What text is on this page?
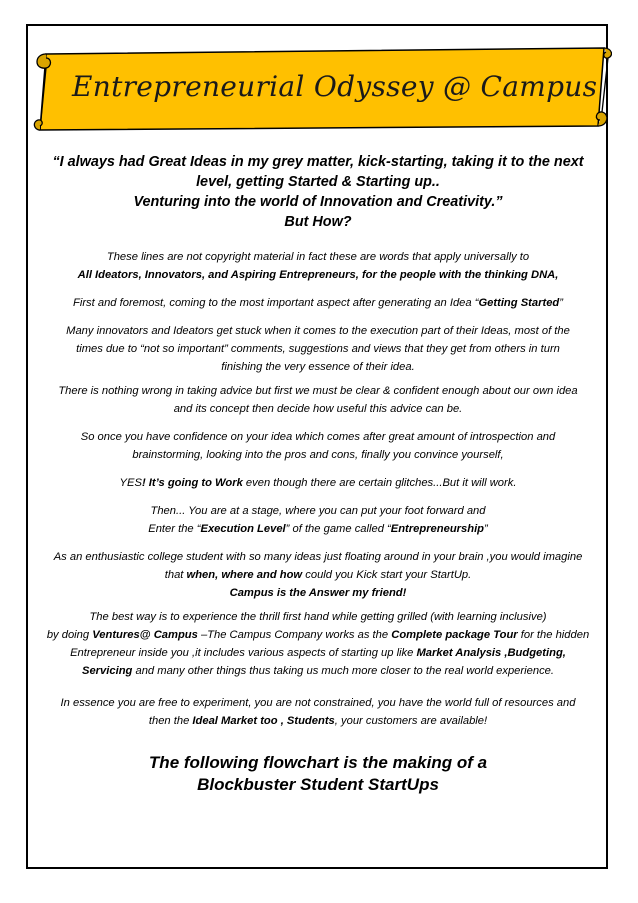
Entrepreneurial Odyssey @ Campus

“I always had Great Ideas in my grey matter, kick-starting, taking it to the next

level, getting Started & Starting up..

Venturing into the world of Innovation and Creativity.”

But How?

These lines are not copyright material in fact these are words that apply universally to

All Ideators, Innovators, and Aspiring Entrepreneurs, for the people with the thinking DNA,

First and foremost, coming to the most important aspect after generating an Idea “Getting Started”

Many innovators and Ideators get stuck when it comes to the execution part of their Ideas, most of the

times due to “not so important” comments, suggestions and views that they get from others in turn

finishing the very essence of their idea.

There is nothing wrong in taking advice but first we must be clear & confident enough about our own idea

and its concept then decide how useful this advice can be.

So once you have confidence on your idea which comes after great amount of introspection and

brainstorming, looking into the pros and cons, finally you convince yourself,

YES! It’s going to Work even though there are certain glitches...But it will work.

Then... You are at a stage, where you can put your foot forward and

Enter the “Execution Level” of the game called “Entrepreneurship”

As an enthusiastic college student with so many ideas just floating around in your brain ,you would imagine

that when, where and how could you Kick start your StartUp.

Campus is the Answer my friend!

The best way is to experience the thrill first hand while getting grilled (with learning inclusive)

by doing Ventures@ Campus –The Campus Company works as the Complete package Tour for the hidden

Entrepreneur inside you ,it includes various aspects of starting up like Market Analysis ,Budgeting,

Servicing and many other things thus taking us much more closer to the real world experience.

In essence you are free to experiment, you are not constrained, you have the world full of resources and

then the Ideal Market too , Students, your customers are available!

The following flowchart is the making of a

Blockbuster Student StartUps
